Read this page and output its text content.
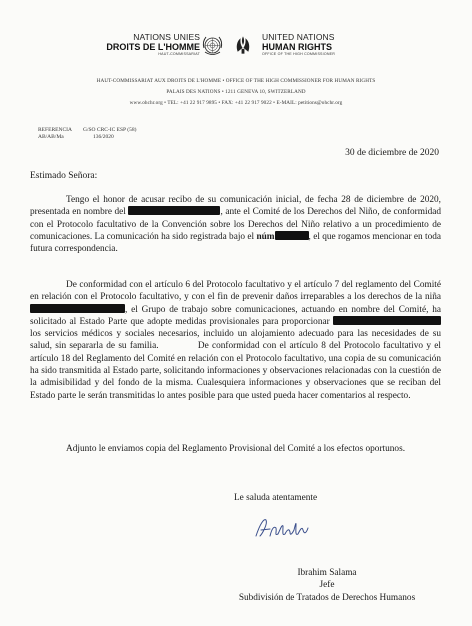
NATIONS UNIES
DROITS DE L'HOMME
HAUT-COMMISSARIAT
UNITED NATIONS
HUMAN RIGHTS
OFFICE OF THE HIGH COMMISSIONER
HAUT-COMMISSARIAT AUX DROITS DE L'HOMME • OFFICE OF THE HIGH COMMISSIONER FOR HUMAN RIGHTS
PALAIS DES NATIONS • 1211 GENEVA 10, SWITZERLAND
www.ohchr.org • TEL: +41 22 917 9895 • FAX: +41 22 917 9022 • E-MAIL: petitions@ohchr.org
REFERENCIA G/SO CRC-IC ESP (58)
AB/AB/Ma	136/2020
30 de diciembre de 2020
Estimado Señora:
Tengo el honor de acusar recibo de su comunicación inicial, de fecha 28 de diciembre de 2020, presentada en nombre del	, ante el Comité de los Derechos del Niño, de conformidad con el Protocolo facultativo de la Convención sobre los Derechos del Niño relativo a un procedimiento de comunicaciones. La comunicación ha sido registrada bajo el núm	, el que rogamos mencionar en toda futura correspondencia.
De conformidad con el artículo 6 del Protocolo facultativo y el artículo 7 del reglamento del Comité en relación con el Protocolo facultativo, y con el fin de prevenir daños irreparables a los derechos de la niña , el Grupo de trabajo sobre comunicaciones, actuando en nombre del Comité, ha solicitado al Estado Parte que adopte medidas provisionales para proporcionar  los servicios médicos y sociales necesarios, incluido un alojamiento adecuado para las necesidades de su salud, sin separarla de su familia.	De conformidad con el artículo 8 del Protocolo facultativo y el artículo 18 del Reglamento del Comité en relación con el Protocolo facultativo, una copia de su comunicación ha sido transmitida al Estado parte, solicitando informaciones y observaciones relacionadas con la cuestión de la admisibilidad y del fondo de la misma. Cualesquiera informaciones y observaciones que se reciban del Estado parte le serán transmitidas lo antes posible para que usted pueda hacer comentarios al respecto.
Adjunto le enviamos copia del Reglamento Provisional del Comité a los efectos oportunos.
Le saluda atentamente
Ibrahim Salama
Jefe
Subdivisión de Tratados de Derechos Humanos
